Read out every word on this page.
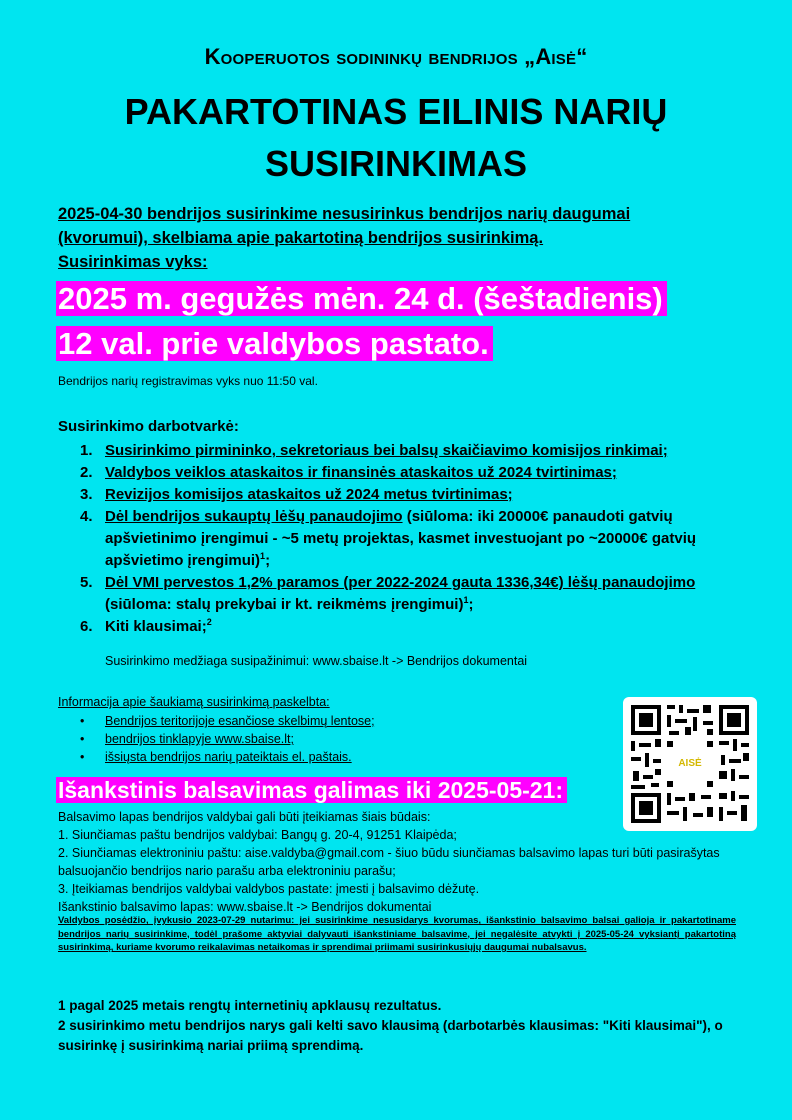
Kooperuotos sodininkų bendrijos „Aisė“
PAKARTOTINAS EILINIS NARIŲ
SUSIRINKIMAS
2025-04-30 bendrijos susirinkime nesusirinkus bendrijos narių daugumai
(kvorumui), skelbiama apie pakartotiną bendrijos susirinkimą.
Susirinkimas vyks:
2025 m. gegužės mėn. 24 d. (šeštadienis)
12 val. prie valdybos pastato.
Bendrijos narių registravimas vyks nuo 11:50 val.
Susirinkimo darbotvarkė:
1. Susirinkimo pirmininko, sekretoriaus bei balsų skaičiavimo komisijos rinkimai;
2. Valdybos veiklos ataskaitos ir finansinės ataskaitos už 2024 tvirtinimas;
3. Revizijos komisijos ataskaitos už 2024 metus tvirtinimas;
4. Dėl bendrijos sukauptų lėšų panaudojimo (siūloma: iki 20000€ panaudoti gatvių apšvietinimo įrengimui - ~5 metų projektas, kasmet investuojant po ~20000€ gatvių apšvietimo įrengimui)$^1$;
5. Dėl VMI pervestos 1,2% paramos (per 2022-2024 gauta 1336,34€) lėšų panaudojimo (siūloma: stalų prekybai ir kt. reikmėms įrengimui)$^1$;
6. Kiti klausimai;$^2$
Susirinkimo medžiaga susipažinimui: www.sbaise.lt -> Bendrijos dokumentai
Informacija apie šaukiamą susirinkimą paskelbta:
•	Bendrijos teritorijoje esančiose skelbimų lentose;
•	bendrijos tinklapyje www.sbaise.lt;
•	išsiųsta bendrijos narių pateiktais el. paštais.	AISĖ
Išankstinis balsavimas galimas iki 2025-05-21:
Balsavimo lapas bendrijos valdybai gali būti įteikiamas šiais būdais:
1. Siunčiamas paštu bendrijos valdybai: Bangų g. 20-4, 91251 Klaipėda;
2. Siunčiamas elektroniniu paštu: aise.valdyba@gmail.com - šiuo būdu siunčiamas balsavimo lapas turi būti pasirašytas balsuojančio bendrijos nario parašu arba elektroniniu parašu;
3. Įteikiamas bendrijos valdybai valdybos pastate: įmesti į balsavimo dėžutę.
Išankstinio balsavimo lapas: www.sbaise.lt -> Bendrijos dokumentai
Valdybos posėdžio, įvykusio 2023-07-29 nutarimu: jei susirinkime nesusidarys kvorumas, išankstinio balsavimo balsai galioja ir pakartotiname bendrijos narių susirinkime, todėl prašome aktyviai dalyvauti išankstiniame balsavime, jei negalėsite atvykti į 2025-05-24 vyksiantį pakartotiną susirinkimą, kuriame kvorumo reikalavimas netaikomas ir sprendimai priimami susirinkusiųjų daugumai nubalsavus.
1 pagal 2025 metais rengtų internetinių apklausų rezultatus.
2 susirinkimo metu bendrijos narys gali kelti savo klausimą (darbotarbės klausimas: "Kiti klausimai"), o susirinkę į susirinkimą nariai priimą sprendimą.
